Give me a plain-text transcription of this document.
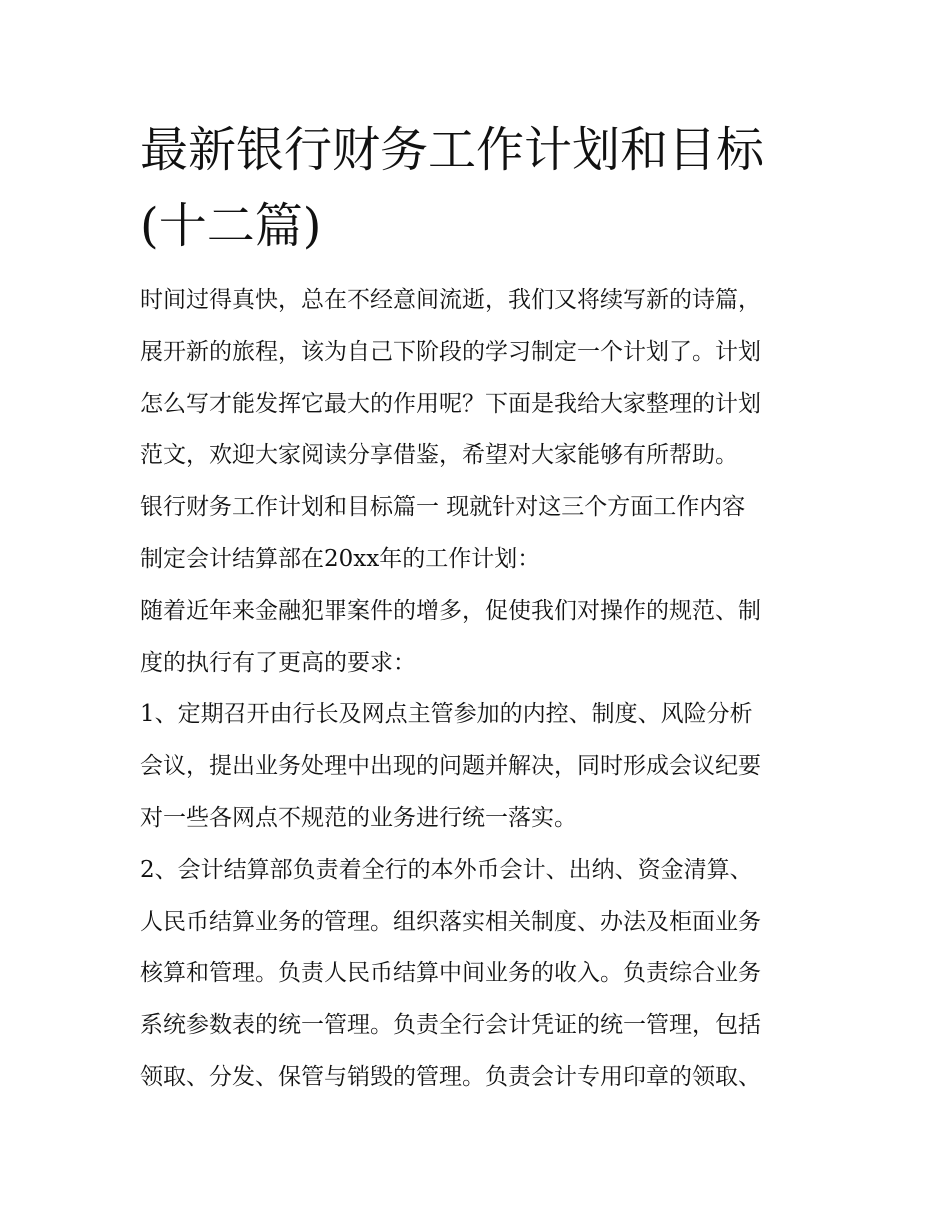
最新银行财务工作计划和目标
(十二篇)
时间过得真快，总在不经意间流逝，我们又将续写新的诗篇，
展开新的旅程，该为自己下阶段的学习制定一个计划了。计划
怎么写才能发挥它最大的作用呢？下面是我给大家整理的计划
范文，欢迎大家阅读分享借鉴，希望对大家能够有所帮助。
银行财务工作计划和目标篇一 现就针对这三个方面工作内容
制定会计结算部在20xx年的工作计划：
随着近年来金融犯罪案件的增多，促使我们对操作的规范、制
度的执行有了更高的要求：
1、定期召开由行长及网点主管参加的内控、制度、风险分析
会议，提出业务处理中出现的问题并解决，同时形成会议纪要
对一些各网点不规范的业务进行统一落实。
2、会计结算部负责着全行的本外币会计、出纳、资金清算、
人民币结算业务的管理。组织落实相关制度、办法及柜面业务
核算和管理。负责人民币结算中间业务的收入。负责综合业务
系统参数表的统一管理。负责全行会计凭证的统一管理，包括
领取、分发、保管与销毁的管理。负责会计专用印章的领取、
